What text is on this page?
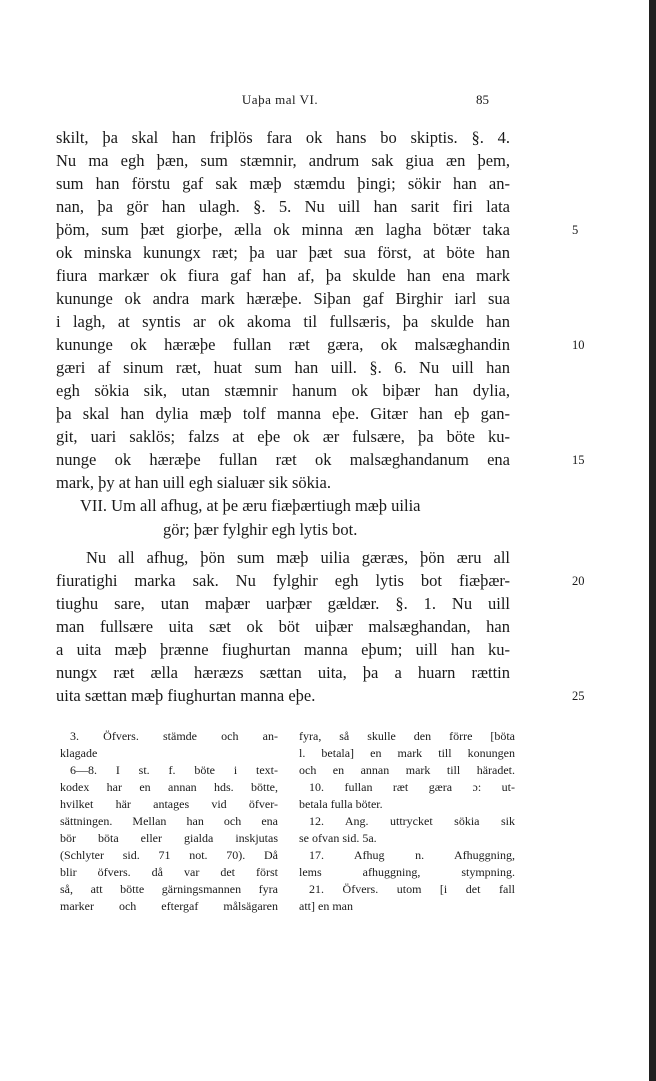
Uaþa mal VI.	85
skilt, þa skal han friþlös fara ok hans bo skiptis. §. 4.
Nu ma egh þæn, sum stæmnir, andrum sak giua æn þem,
sum han förstu gaf sak mæþ stæmdu þingi; sökir han an-
nan, þa gör han ulagh. §. 5. Nu uill han sarit firi lata
þöm, sum þæt giorþe, ælla ok minna æn lagha bötær taka
ok minska kunungx ræt; þa uar þæt sua först, at böte han
fiura markær ok fiura gaf han af, þa skulde han ena mark
kunungе ok andra mark hæræþe. Siþan gaf Birghir iarl sua
i lagh, at syntis ar ok akoma til fullsæris, þa skulde han
kunungе ok hæræþe fullan ræt gæra, ok malsæghandin
gæri af sinum ræt, huat sum han uill. §. 6. Nu uill han
egh sökia sik, utan stæmnir hanum ok biþær han dylia,
þa skal han dylia mæþ tolf manna eþe. Gitær han eþ gan-
git, uari saklös; falzs at eþe ok ær fulsære, þa böte ku-
nunge ok hæræþe fullan ræt ok malsæghandanum ena
mark, þy at han uill egh sialuær sik sökia.
5
10
15
VII. Um all afhug, at þe æru fiæþærtiugh mæþ uilia
gör; þær fylghir egh lytis bot.
Nu all afhug, þön sum mæþ uilia gæræs, þön æru all
fiuratighi marka sak. Nu fylghir egh lytis bot fiæþær-
tiughu sare, utan maþær uarþær gældær. §. 1. Nu uill
man fullsære uita sæt ok böt uiþær malsæghandan, han
a uita mæþ þrænne fiughurtan manna eþum; uill han ku-
nungx ræt ælla hæræzs sættan uita, þa a huarn rættin
uita sættan mæþ fiughurtan manna eþe.
20
25
3. Öfvers. stämde och an-
klagade
6—8. I st. f. böte i text-
kodex har en annan hds. bötte,
hvilket här antages vid öfver-
sättningen. Mellan han och ena
bör böta eller gialda inskjutas
(Schlyter sid. 71 not. 70). Då
blir öfvers. då var det först
så, att bötte gärningsmannen fyra
marker och eftergaf målsägaren
fyra, så skulle den förre [böta
l. betala] en mark till konungen
och en annan mark till häradet.
10. fullan ræt gæra ɔ: ut-
betala fulla böter.
12. Ang. uttrycket sökia sik
se ofvan sid. 5a.
17. Afhug n. Afhuggning,
lems afhuggning, stympning.
21. Öfvers. utom [i det fall
att] en man
